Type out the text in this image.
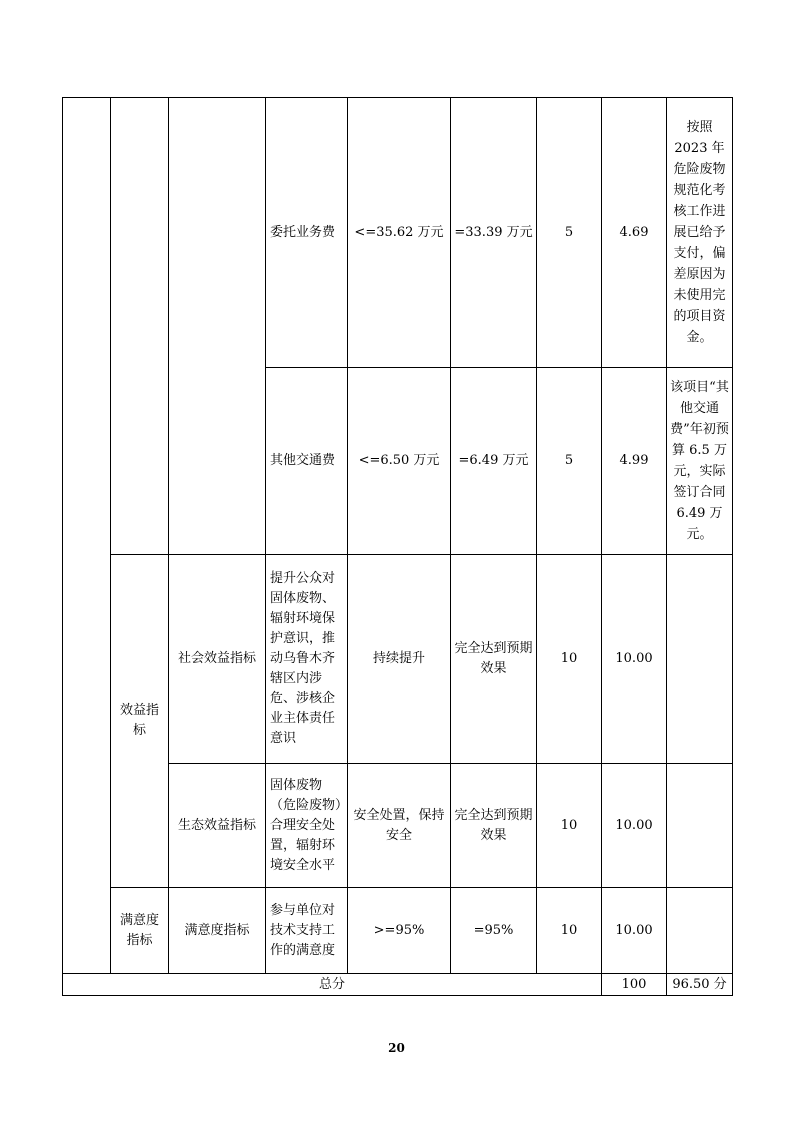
			委托业务费	<=35.62 万元	=33.39 万元	5	4.69	按照 2023 年危险废物规范化考核工作进展已给予支付，偏差原因为未使用完的项目资金。	
			其他交通费	<=6.50 万元	=6.49 万元	5	4.99	该项目“其他交通费”年初预算 6.5 万元，实际签订合同 6.49 万元。	
	效益指标	社会效益指标	提升公众对固体废物、辐射环境保护意识，推动乌鲁木齐辖区内涉危、涉核企业主体责任意识	持续提升	完全达到预期效果	10	10.00		
		生态效益指标	固体废物（危险废物）合理安全处置，辐射环境安全水平	安全处置，保持安全	完全达到预期效果	10	10.00		
	满意度指标	满意度指标	参与单位对技术支持工作的满意度	>=95%	=95%	10	10.00		
总分							100	96.50 分	
20
